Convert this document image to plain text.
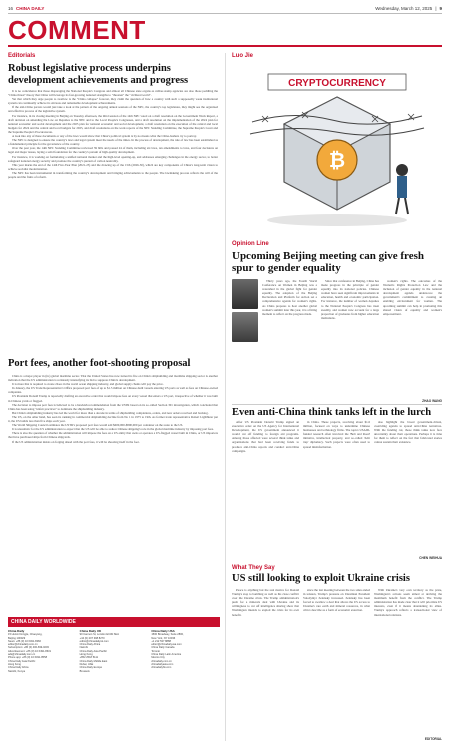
16 CHINA DAILY	Wednesday, March 12, 2025 | 9
COMMENT
Editorials
Robust legislative process underpins development achievements and progress

It is no coincidence that those disparaging the National People's Congress and almost all Chinese state organs as rubber-stamp agencies are also those peddling the "China threat" theory that China will leverage its fast-growing national strengths to "threaten" the "civilized world".

Yet that which they urge people to swallow is the "China collapse" forecast, they claim the question of how a country with such a supposedly weak institutional system can continually achieve its obvious and remarkable development achievements.

If the anti-China parrots would just take a look at the pattern of the ongoing annual sessions of the NPC, the country's top legislature, they might see the organized and effective process of the legislative system.

For instance, in its closing meeting in Beijing on Tuesday afternoon, the third session of the 14th NPC voted on a draft resolution on the Government Work Report, a draft decision on amending the Law on Deputies to the NPC and to the Local People's Congresses, and a draft resolution on the implementation of the 2024 plan for national economic and social development and the 2025 plan for national economic and social development, a draft resolution on the execution of the central and local budgets for 2024 and the central and local budgets for 2025, and draft resolutions on the work reports of the NPC Standing Committee, the Supreme People's Court and the Supreme People's Procuratorate.

A look into any of these documents or any of the laws would show that China's political system is by no means what the China-bashers try to portray.

The NPC is designed to ensure the country's laws and legal system meet the needs of the times. In the process of development, the rule of law has been established as a fundamental principle for the governance of the country.

Over the past year, the 14th NPC Standing Committee reviewed 39 bills and passed 24 of them, including six laws, ten amendments to laws, and four decisions on legal and major issues, laying a solid foundation for the country's pursuit of high-quality development.

For instance, it is working on formulating a unified national market and the high-level opening-up, and addresses emerging challenges in the energy sector, to better safeguard national energy security and promote the country's pursuit of carbon neutrality.

This year marks the end of the 14th Five-Year Plan (2021-25) and the drawing up of the 15th (2026-30), which are key components of China's long-term vision to achieve socialist modernization.

The NPC has been instrumental in transforming the country's development and bringing achievements to the people. The lawmaking process reflects the will of the people and the fruits of reform.

Port fees, another foot-shooting proposal

China is a major player in (its) global maritime sector. That the United States has now turned its fire on China's shipbuilding and maritime shipping sector is another indication that the US administration is recklessly intensifying its bid to suppress China's development.

It is more that is required to create chaos in the world ocean shipping industry, and global supply chains will pay the price.

In January, the US Trade Representative's Office proposed port fees of up to $1.5 million on Chinese-built vessels entering US ports as well as fees on Chinese-owned companies.

US President Donald Trump is reportedly drafting an executive order that would impose fees on every vessel that enters a US port, irrespective of whether it was built in Chinese yards or flagged.

The decision to impose port fees is believed to be a hawkish recommendation from the USTR based on its so-called Section 301 investigation, which concluded that China has been using "unfair practices" to dominate the shipbuilding industry.

But China's shipbuilding industry has led the world for more than a decade in terms of shipbuilding completions, orders, and new orders received and backlog.

The US, on the other hand, has seen its ranking in commercial shipbuilding decline from No 1 in 1975 to 19th. As former trade representative Robert Lighthizer put it, the US builds less than five ships each year.

The World Shipping Council estimates the USTR's proposed port fees would add $600,000-$800,000 per container on the route to the US.

It is unrealistic for the US administration to expect that the US will be able to reduce Chinese shipping's role in the global maritime industry by imposing port fees.

There is also the question of whether the administration will impose the fees on a US entity that owns or operates a US-flagged vessel built in China, or US importers that have purchased ships from Chinese shipyards.

If the US administration insists on forging ahead with the port fees, it will be shooting itself in the foot.

CHINA DAILY WORLDWIDE
China Daily
15 Huixin Dongjie, Chaoyang,
Beijing 100029
News: +86 (0) 10 6491-8366
editor@chinadaily.com.cn
Subscription: +86 (0) 400-699-0203
Advertisement: +86 (0) 10 6491-8631
ads@chinadaily.com.cn
Phone app: +86 (0) 10 6491-8558
China Daily Asia Pacific
Hong Kong
China Daily Africa
Nairobi, Kenya
China Daily UK
90 Cannon St, London EC4N 6HA
+44 (0) 207 398 8270
editor@chinadailyuk.com
China Daily Africa
Nairobi
China Daily Asia Pacific
Hong Kong
+852 2518 5111
China Daily Middle East
Dubai, UAE
China Daily Europe
Brussels
China Daily USA
1500 Broadway, Suite 2800,
New York, NY 10036
+1 212 537 8888
editor@chinadailyusa.com
China Daily Canada
Toronto
China Daily Latin America
Mexico City
chinadaily.com.cn
chinadailyasia.com
chinadailyhk.com
Luo Jie
₿
CRYPTOCURRENCY
Opinion Line
Upcoming Beijing meeting can give fresh spur to gender equality

Thirty years ago, the Fourth World Conference on Women in Beijing was a watershed in the global fight for gender equality. The adoption of the Beijing Declaration and Platform for Action set a comprehensive agenda for women's rights. As China prepares to host another global women's summit later this year, it is a fitting moment to reflect on the progress made.

Since that conference in Beijing, China has made progress in the principle of gender equality into its national policies. Chinese women have seen significant improvements in education, health and economic participation. For instance, the number of women deputies to the National People's Congress has risen steadily, and women now account for a large proportion of graduates from higher education institutions.

women's rights. The outcomes of the Women's Rights Protection Law and the inclusion of gender equality in the national development agenda underscore the government's commitment to creating an enabling environment for women. The upcoming summit can help in promoting this shared vision of equality and women's empowerment.

ZHAO WANG
Even anti-China think tanks left in the lurch

After US President Donald Trump signed an executive order on the US Agency for International Development, the US government announced it would cut off funding to foreign aid programs. Among those affected were several think tanks and organizations that had been receiving funds to produce anti-China reports and conduct anti-China campaigns.

in China. These projects, receiving about $1.6 million, focused on ways to undermine Chinese businesses and technology firms. The topics USAID-funded research often involved the 'Belt and Road' initiative, intellectual property, and so-called 'debt trap' diplomacy. Such projects were often used to spread misinformation.

also highlight the broad government-driven, overriding agenda to spread anti-China narratives. With the funding cut, those think tanks now face uncertainty about their operations. Perhaps it is time for them to reflect on the fact that fabricated stories cannot sustain their existence.

CHEN WEIHUA
What They Say
US still looking to exploit Ukraine crisis

Peace is anything but the real motive for Donald Trump's stop to bombing as well as his close conflict over the Ukraine crisis. The Trump administration's push for a minerals deal with Ukraine and its willingness to cut off intelligence sharing show that Washington intends to exploit the crisis for its own benefit.

since the last meeting between the two sides ended in tension, Trump's pressure on Ukrainian President Volodymyr Zelensky increased. Zelensky has been forced to swallow a deal that allows the US access to Ukraine's rare earth and mineral resources, in what critics describe as a form of economic extortion.

With Ukraine's very own territory as the prize, Washington's actions seem aimed at deriving the maximum benefit from the conflict. The Trump administration has made clear that it will prioritize US interests, even if it means abandoning its allies. Trump's approach reflects a transactional view of international relations.

EDITORIAL
